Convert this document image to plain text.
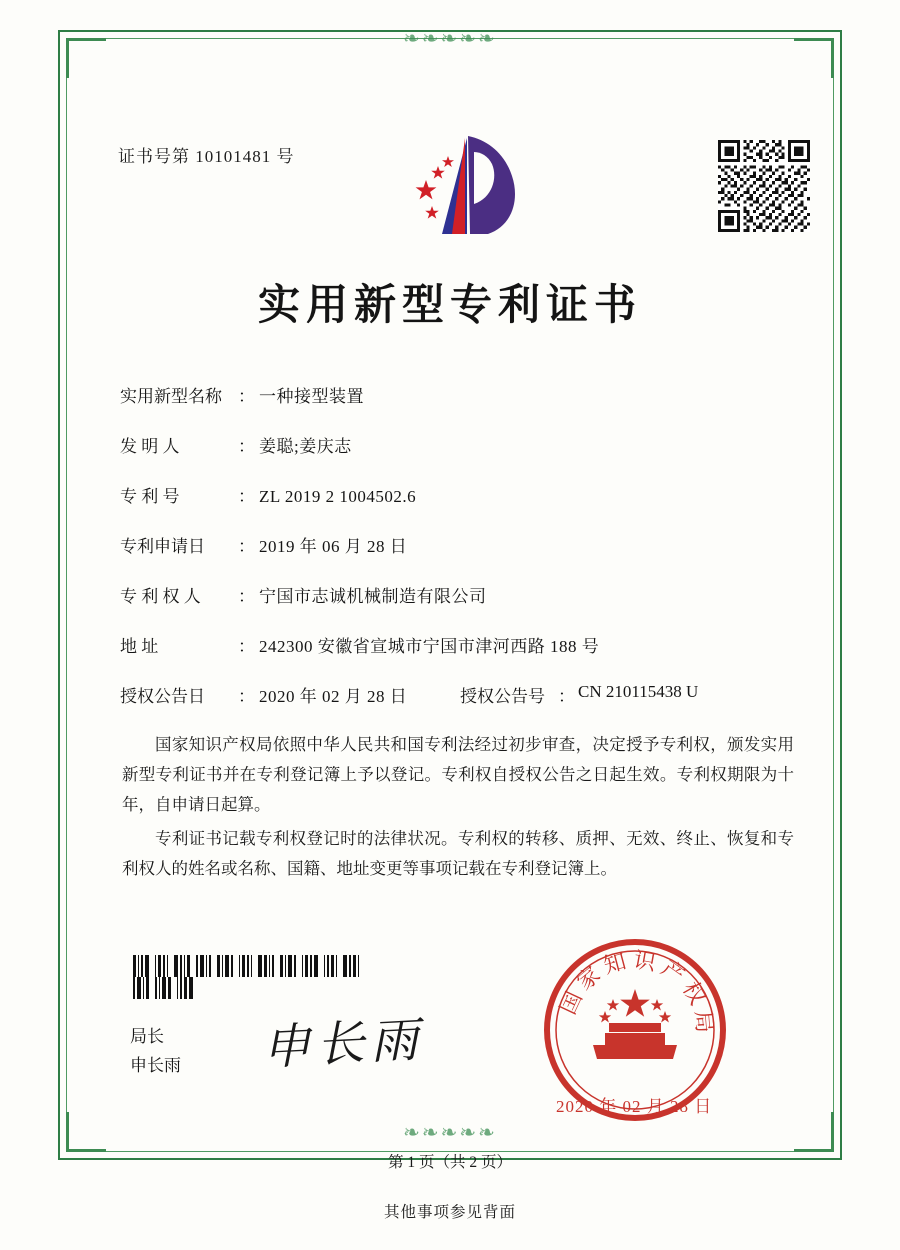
❧❧❧❧❧
❧❧❧❧❧
证书号第 10101481 号
实用新型专利证书
实用新型名称 ： 一种接型装置
发 明 人	： 姜聪;姜庆志
专 利 号	： ZL 2019 2 1004502.6
专利申请日 ： 2019 年 06 月 28 日
专 利 权 人 ： 宁国市志诚机械制造有限公司
地 址	： 242300 安徽省宣城市宁国市津河西路 188 号
授权公告日 ： 2020 年 02 月 28 日	授权公告号 ： CN 210115438 U

国家知识产权局依照中华人民共和国专利法经过初步审查，决定授予专利权，颁发实用新型专利证书并在专利登记簿上予以登记。专利权自授权公告之日起生效。专利权期限为十年，自申请日起算。

专利证书记载专利权登记时的法律状况。专利权的转移、质押、无效、终止、恢复和专利权人的姓名或名称、国籍、地址变更等事项记载在专利登记簿上。

局长
申长雨 申长雨
国家知识产权局
2020 年 02 月 28 日
第 1 页（共 2 页）
其他事项参见背面
